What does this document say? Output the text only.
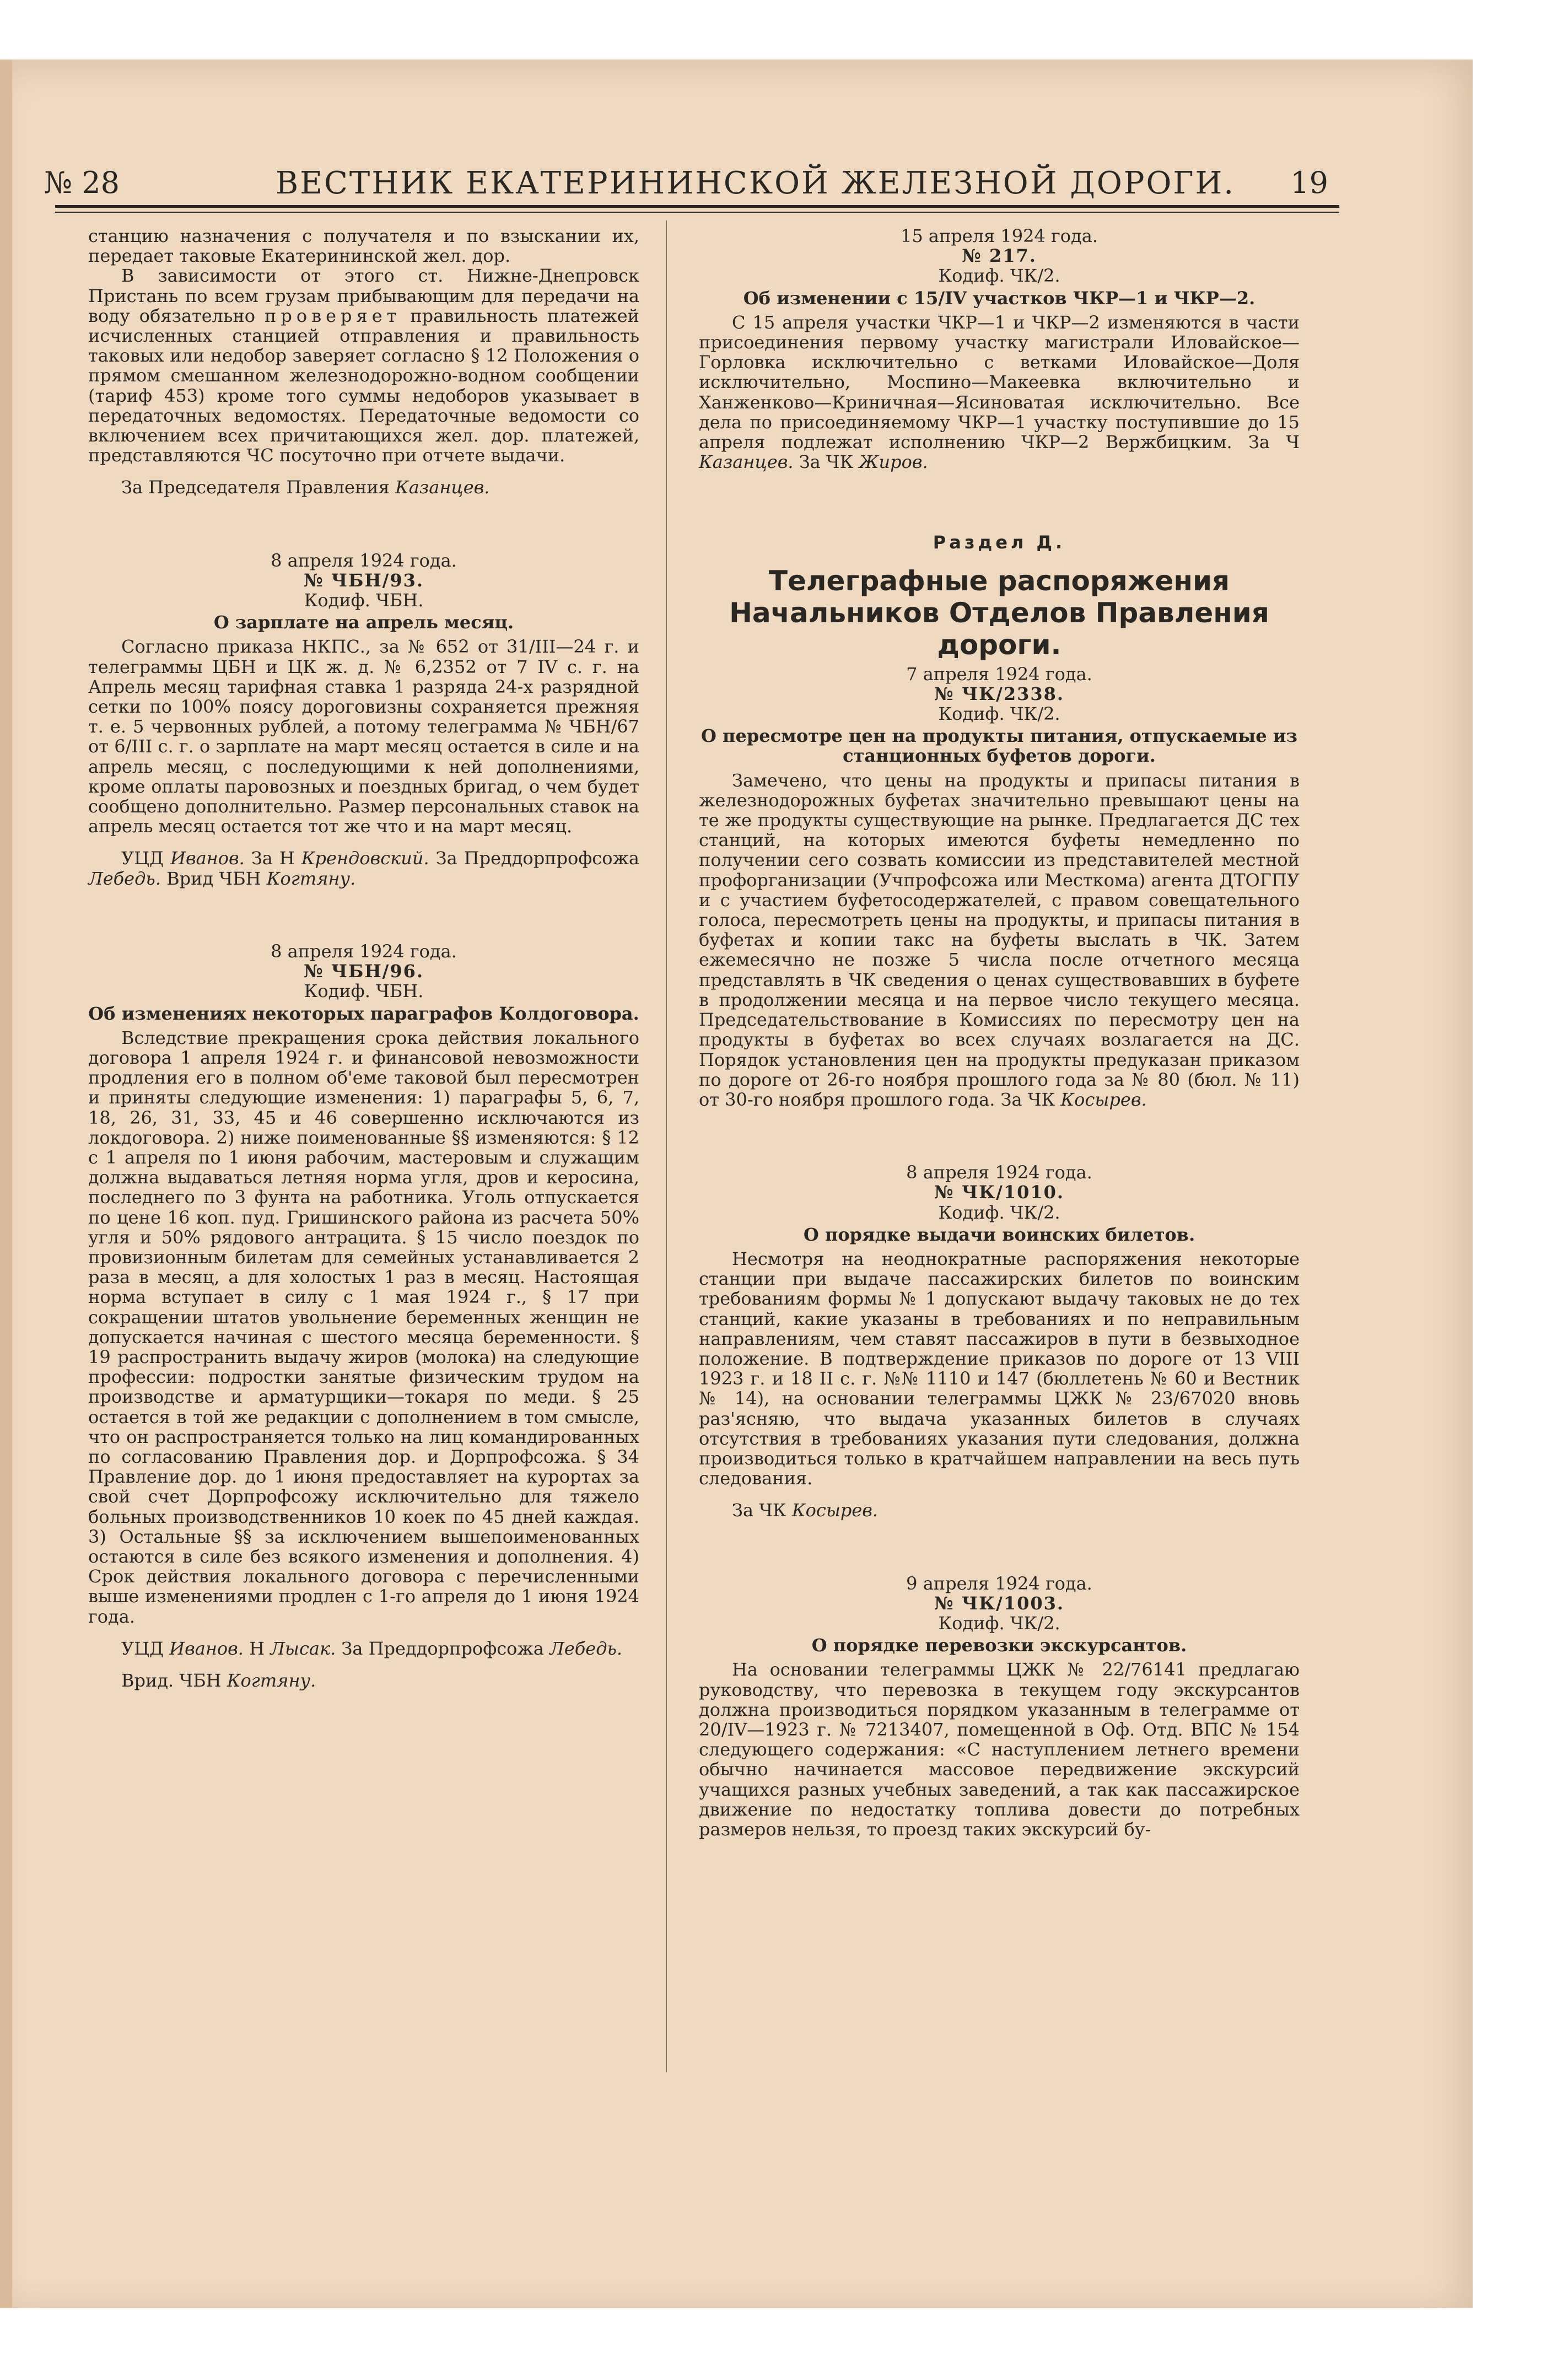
№ 28	ВЕСТНИК ЕКАТЕРИНИНСКОЙ ЖЕЛЕЗНОЙ ДОРОГИ. 19

станцию назначения с получателя и по взыскании их, передает таковые Екатерининской жел. дор.

В зависимости от этого ст. Нижне-Днепровск Пристань по всем грузам прибывающим для передачи на воду обязательно проверяет правильность платежей исчисленных станцией отправления и правильность таковых или недобор заверяет согласно § 12 Положения о прямом смешанном железнодорожно-водном сообщении (тариф 453) кроме того суммы недоборов указывает в передаточных ведомостях. Передаточные ведомости со включением всех причитающихся жел. дор. платежей, представляются ЧС посуточно при отчете выдачи.

За Председателя Правления Казанцев.

8 апреля 1924 года.

№ ЧБН/93.

Кодиф. ЧБН.

О зарплате на апрель месяц.

Согласно приказа НКПС., за № 652 от 31/III—24 г. и телеграммы ЦБН и ЦК ж. д. № 6,2352 от 7 IV с. г. на Апрель месяц тарифная ставка 1 разряда 24-х разрядной сетки по 100% поясу дороговизны сохраняется прежняя т. е. 5 червонных рублей, а потому телеграмма № ЧБН/67 от 6/III с. г. о зарплате на март месяц остается в силе и на апрель месяц, с последующими к ней дополнениями, кроме оплаты паровозных и поездных бригад, о чем будет сообщено дополнительно. Размер персональных ставок на апрель месяц остается тот же что и на март месяц.

УЦД Иванов. За Н Крендовский. За Преддорпрофсожа Лебедь. Врид ЧБН Когтяну.

8 апреля 1924 года.

№ ЧБН/96.

Кодиф. ЧБН.

Об изменениях некоторых параграфов Колдоговора.

Вследствие прекращения срока действия локального договора 1 апреля 1924 г. и финансовой невозможности продления его в полном об'еме таковой был пересмотрен и приняты следующие изменения: 1) параграфы 5, 6, 7, 18, 26, 31, 33, 45 и 46 совершенно исключаются из локдоговора. 2) ниже поименованные §§ изменяются: § 12 с 1 апреля по 1 июня рабочим, мастеровым и служащим должна выдаваться летняя норма угля, дров и керосина, последнего по 3 фунта на работника. Уголь отпускается по цене 16 коп. пуд. Гришинского района из расчета 50% угля и 50% рядового антрацита. § 15 число поездок по провизионным билетам для семейных устанавливается 2 раза в месяц, а для холостых 1 раз в месяц. Настоящая норма вступает в силу с 1 мая 1924 г., § 17 при сокращении штатов увольнение беременных женщин не допускается начиная с шестого месяца беременности. § 19 распространить выдачу жиров (молока) на следующие профессии: подростки занятые физическим трудом на производстве и арматурщики—токаря по меди. § 25 остается в той же редакции с дополнением в том смысле, что он распространяется только на лиц командированных по согласованию Правления дор. и Дорпрофсожа. § 34 Правление дор. до 1 июня предоставляет на курортах за свой счет Дорпрофсожу исключительно для тяжело больных производственников 10 коек по 45 дней каждая. 3) Остальные §§ за исключением вышепоименованных остаются в силе без всякого изменения и дополнения. 4) Срок действия локального договора с перечисленными выше изменениями продлен с 1-го апреля до 1 июня 1924 года.

УЦД Иванов. Н Лысак. За Преддорпрофсожа Лебедь.

Врид. ЧБН Когтяну.

15 апреля 1924 года.

№ 217.

Кодиф. ЧК/2.

Об изменении с 15/IV участков ЧКР—1 и ЧКР—2.

С 15 апреля участки ЧКР—1 и ЧКР—2 изменяются в части присоединения первому участку магистрали Иловайское—Горловка исключительно с ветками Иловайское—Доля исключительно, Моспино—Макеевка включительно и Ханженково—Криничная—Ясиноватая исключительно. Все дела по присоединяемому ЧКР—1 участку поступившие до 15 апреля подлежат исполнению ЧКР—2 Вержбицким. За Ч Казанцев. За ЧК Жиров.

Раздел Д.

Телеграфные распоряжения Начальников Отделов Правления дороги.

7 апреля 1924 года.

№ ЧК/2338.

Кодиф. ЧК/2.

О пересмотре цен на продукты питания, отпускаемые из станционных буфетов дороги.

Замечено, что цены на продукты и припасы питания в железнодорожных буфетах значительно превышают цены на те же продукты существующие на рынке. Предлагается ДС тех станций, на которых имеются буфеты немедленно по получении сего созвать комиссии из представителей местной профорганизации (Учпрофсожа или Месткома) агента ДТОГПУ и с участием буфетосодержателей, с правом совещательного голоса, пересмотреть цены на продукты, и припасы питания в буфетах и копии такс на буфеты выслать в ЧК. Затем ежемесячно не позже 5 числа после отчетного месяца представлять в ЧК сведения о ценах существовавших в буфете в продолжении месяца и на первое число текущего месяца. Председательствование в Комиссиях по пересмотру цен на продукты в буфетах во всех случаях возлагается на ДС. Порядок установления цен на продукты предуказан приказом по дороге от 26-го ноября прошлого года за № 80 (бюл. № 11) от 30-го ноября прошлого года. За ЧК Косырев.

8 апреля 1924 года.

№ ЧК/1010.

Кодиф. ЧК/2.

О порядке выдачи воинских билетов.

Несмотря на неоднократные распоряжения некоторые станции при выдаче пассажирских билетов по воинским требованиям формы № 1 допускают выдачу таковых не до тех станций, какие указаны в требованиях и по неправильным направлениям, чем ставят пассажиров в пути в безвыходное положение. В подтверждение приказов по дороге от 13 VIII 1923 г. и 18 II с. г. №№ 1110 и 147 (бюллетень № 60 и Вестник № 14), на основании телеграммы ЦЖК № 23/67020 вновь раз'ясняю, что выдача указанных билетов в случаях отсутствия в требованиях указания пути следования, должна производиться только в кратчайшем направлении на весь путь следования.

За ЧК Косырев.

9 апреля 1924 года.

№ ЧК/1003.

Кодиф. ЧК/2.

О порядке перевозки экскурсантов.

На основании телеграммы ЦЖК № 22/76141 предлагаю руководству, что перевозка в текущем году экскурсантов должна производиться порядком указанным в телеграмме от 20/IV—1923 г. № 7213407, помещенной в Оф. Отд. ВПС № 154 следующего содержания: «С наступлением летнего времени обычно начинается массовое передвижение экскурсий учащихся разных учебных заведений, а так как пассажирское движение по недостатку топлива довести до потребных размеров нельзя, то проезд таких экскурсий бу-
